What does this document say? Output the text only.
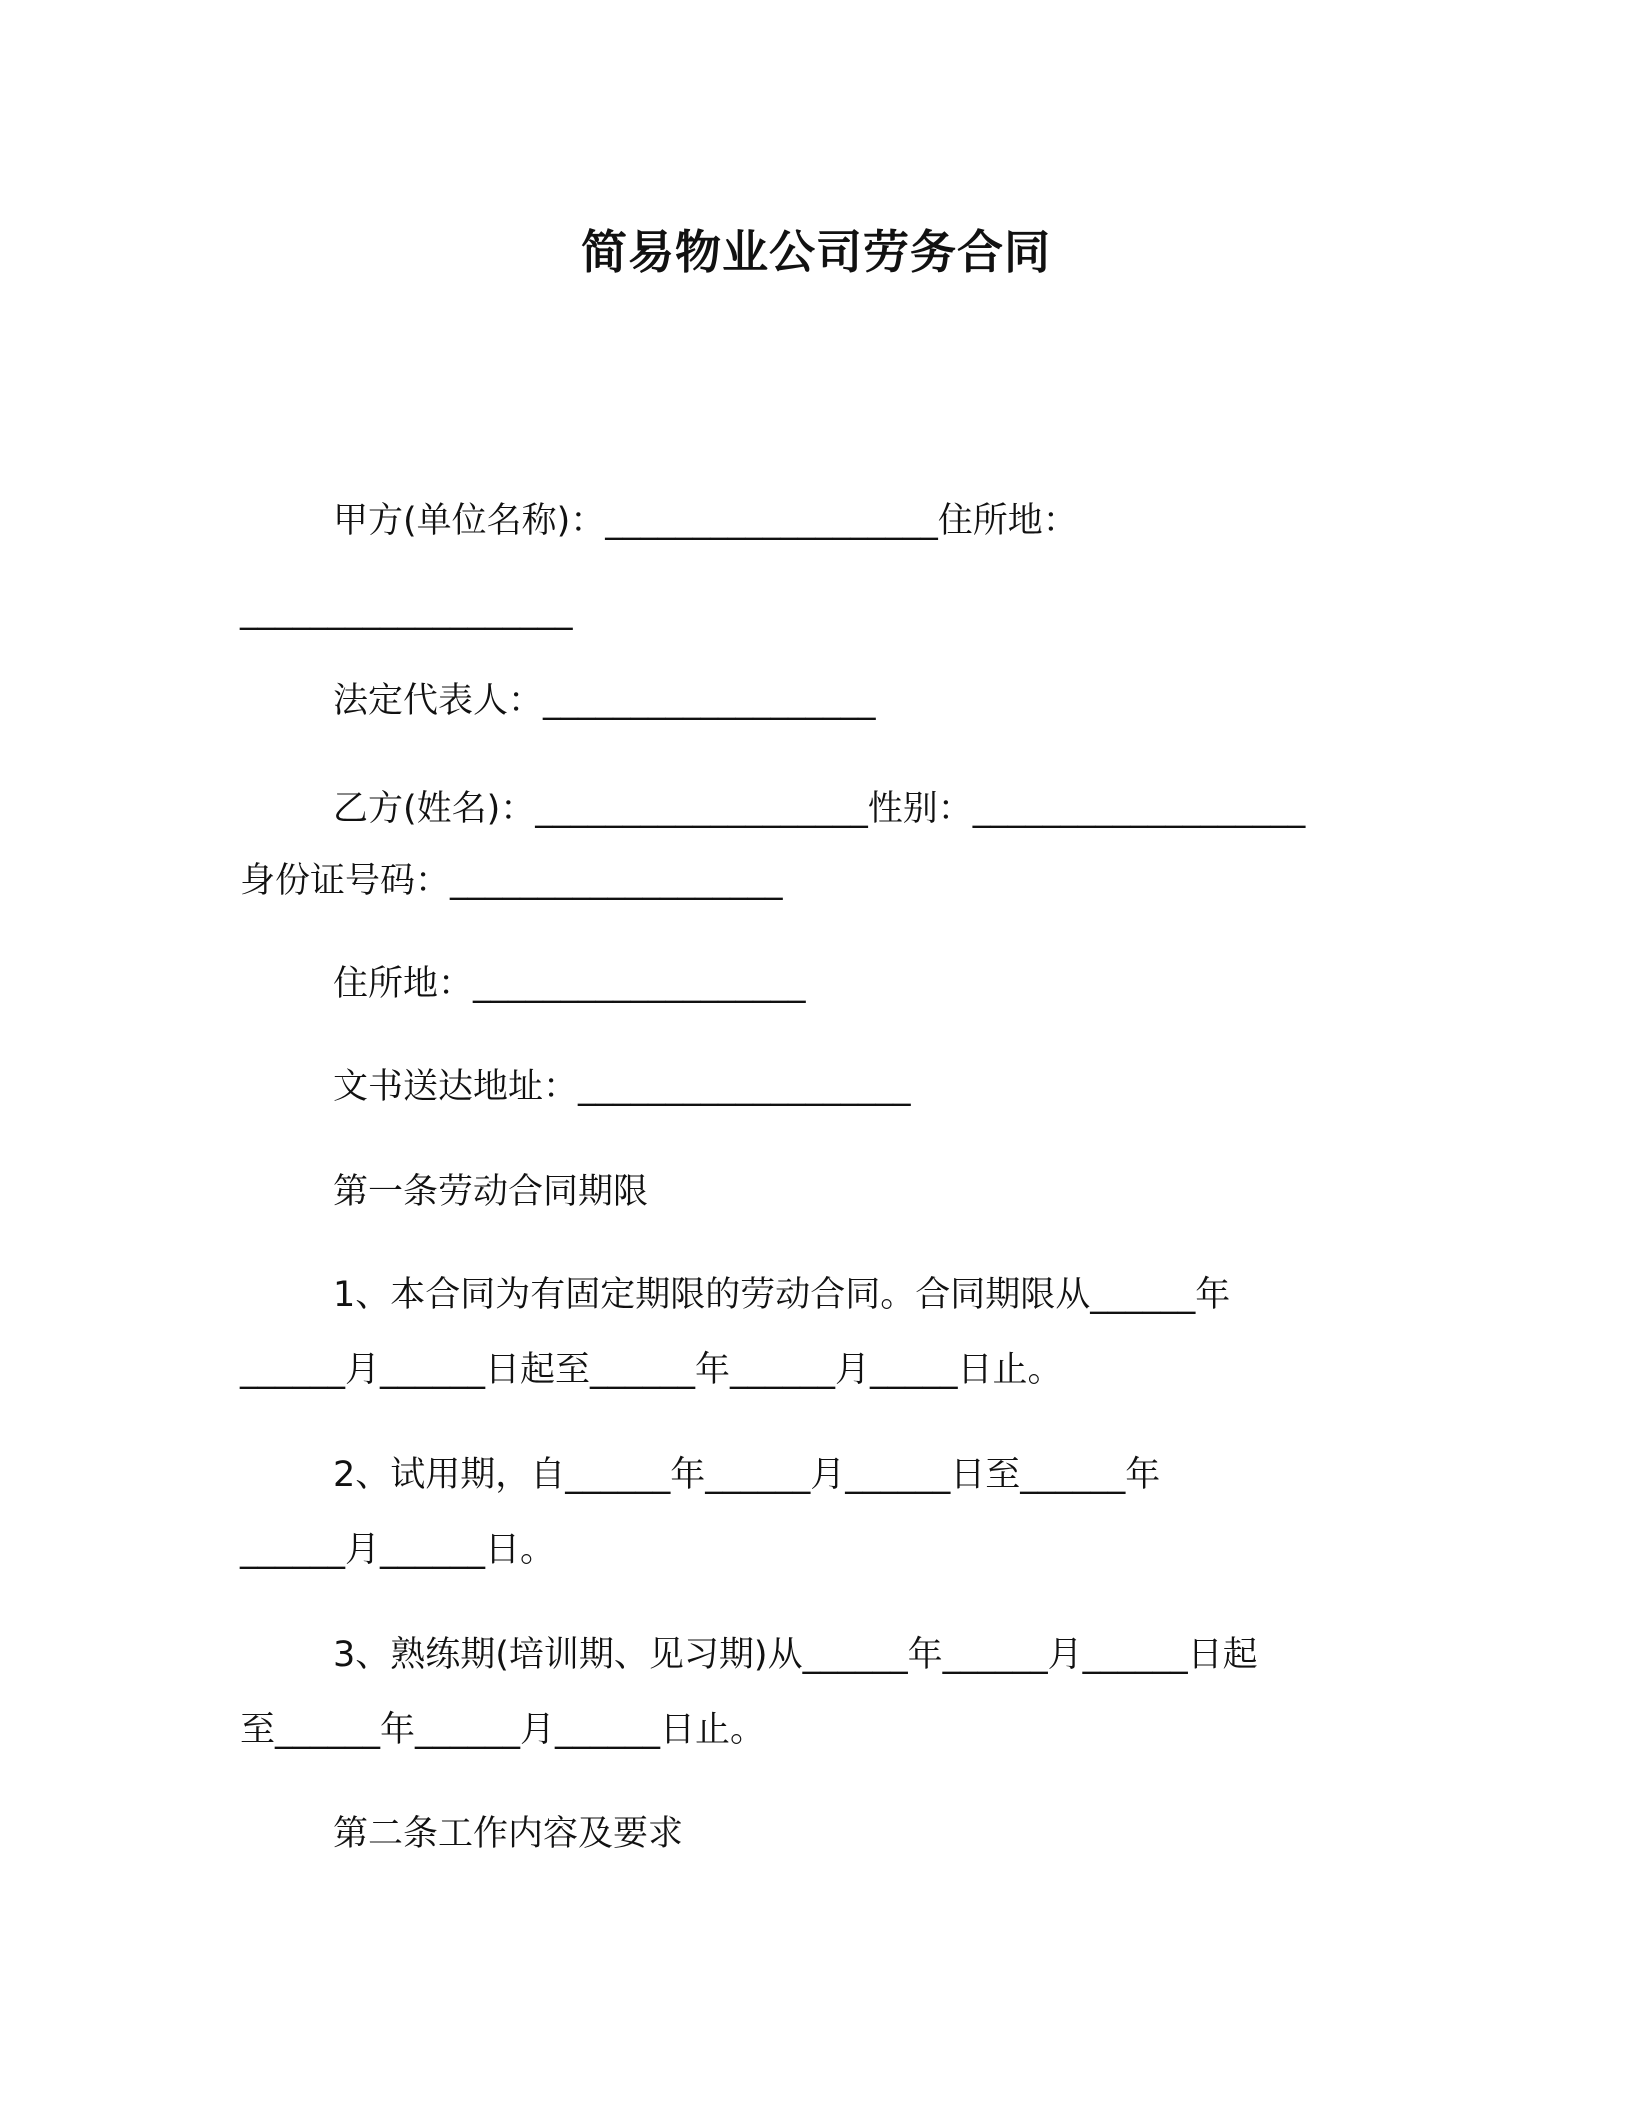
简易物业公司劳务合同

甲方(单位名称)：___________________住所地：

___________________

法定代表人：___________________

乙方(姓名)：___________________性别：___________________

身份证号码：___________________

住所地：___________________

文书送达地址：___________________

第一条劳动合同期限

1、本合同为有固定期限的劳动合同。合同期限从______年

______月______日起至______年______月_____日止。

2、试用期，自______年______月______日至______年

______月______日。

3、熟练期(培训期、见习期)从______年______月______日起

至______年______月______日止。

第二条工作内容及要求
